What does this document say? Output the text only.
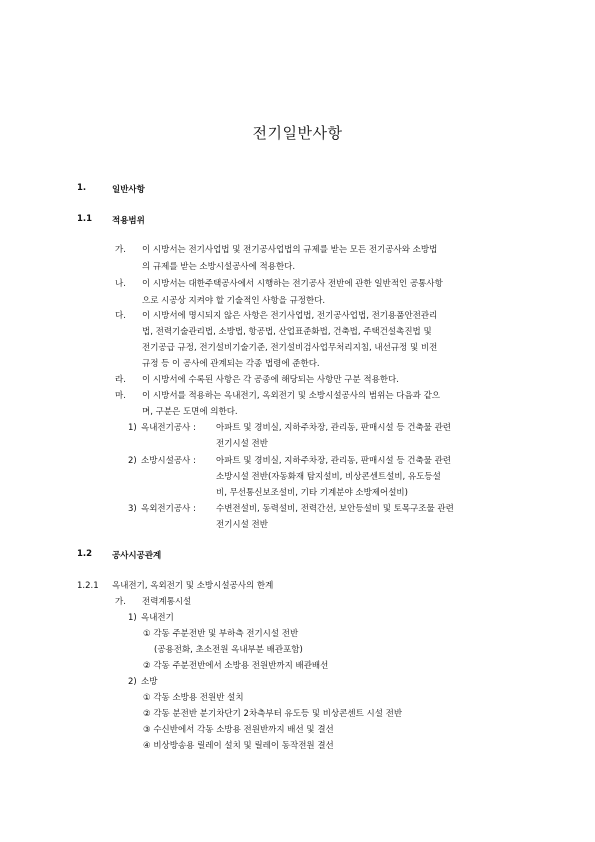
전기일반사항
1.	일반사항
1.1 적용범위
가. 이 시방서는 전기사업법 및 전기공사업법의 규제를 받는 모든 전기공사와 소방법
의 규제를 받는 소방시설공사에 적용한다.
나. 이 시방서는 대한주택공사에서 시행하는 전기공사 전반에 관한 일반적인 공통사항
으로 시공상 지켜야 할 기술적인 사항을 규정한다.
다. 이 시방서에 명시되지 않은 사항은 전기사업법, 전기공사업법, 전기용품안전관리
법, 전력기술관리법, 소방법, 항공법, 산업표준화법, 건축법, 주택건설촉진법 및
전기공급 규정, 전기설비기술기준, 전기설비검사업무처리지침, 내선규정 및 비전
규정 등 이 공사에 관계되는 각종 법령에 준한다.
라. 이 시방서에 수록된 사항은 각 공종에 해당되는 사항만 구분 적용한다.
마. 이 시방서를 적용하는 옥내전기, 옥외전기 및 소방시설공사의 범위는 다음과 같으
며, 구분은 도면에 의한다.
1) 옥내전기공사 : 아파트 및 경비실, 지하주차장, 관리동, 판매시설 등 건축물 관련
전기시설 전반
2) 소방시설공사 : 아파트 및 경비실, 지하주차장, 관리동, 판매시설 등 건축물 관련
소방시설 전반(자동화재 탐지설비, 비상콘센트설비, 유도등설
비, 무선통신보조설비, 기타 기계분야 소방제어설비)
3) 옥외전기공사 : 수변전설비, 동력설비, 전력간선, 보안등설비 및 토목구조물 관련
전기시설 전반
1.2 공사시공관계
1.2.1 옥내전기, 옥외전기 및 소방시설공사의 한계
가. 전력계통시설
1) 옥내전기
① 각동 주분전반 및 부하측 전기시설 전반
(공용전화, 초소전원 옥내부분 배관포함)
② 각동 주분전반에서 소방용 전원반까지 배관배선
2) 소방
① 각동 소방용 전원반 설치
② 각동 분전반 분기차단기 2차측부터 유도등 및 비상콘센트 시설 전반
③ 수신반에서 각동 소방용 전원반까지 배선 및 결선
④ 비상방송용 릴레이 설치 및 릴레이 동작전원 결선
